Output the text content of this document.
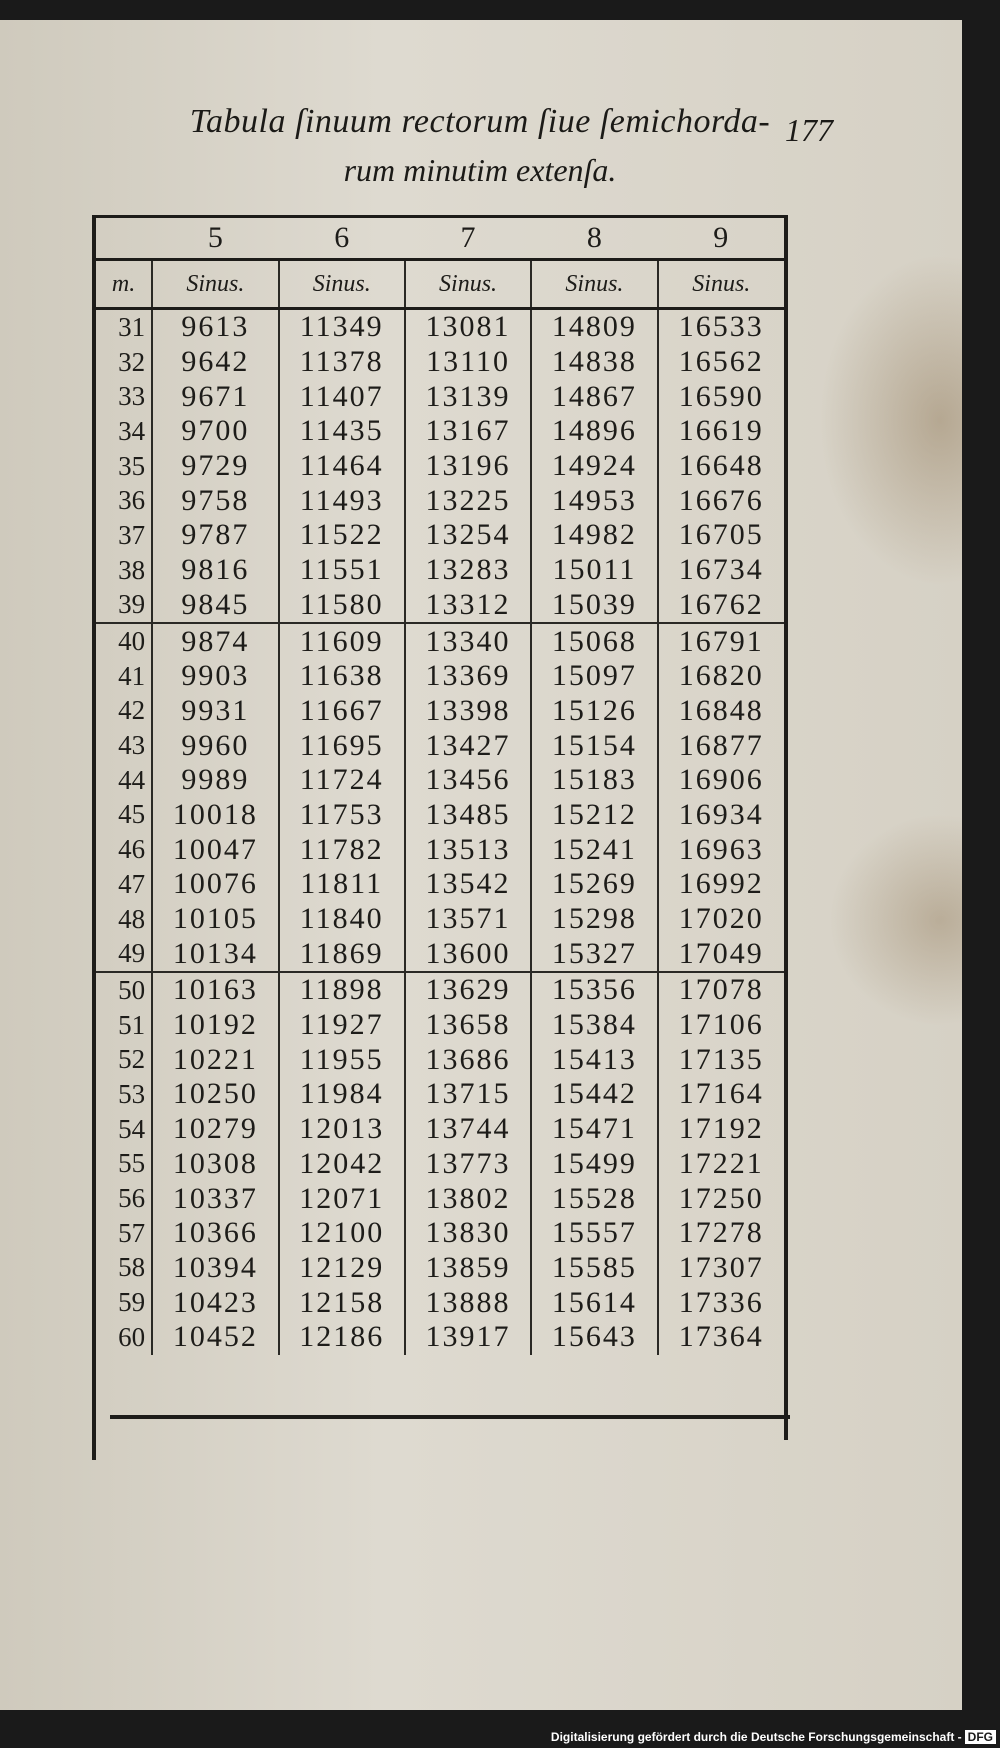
Tabula ſinuum rectorum ſiue ſemichorda-
rum minutim extenſa.
177
	5	6	7	8	9
m.	Sinus.	Sinus.	Sinus.	Sinus.	Sinus.
31	9613	11349	13081	14809	16533
32	9642	11378	13110	14838	16562
33	9671	11407	13139	14867	16590
34	9700	11435	13167	14896	16619
35	9729	11464	13196	14924	16648
36	9758	11493	13225	14953	16676
37	9787	11522	13254	14982	16705
38	9816	11551	13283	15011	16734
39	9845	11580	13312	15039	16762
40	9874	11609	13340	15068	16791
41	9903	11638	13369	15097	16820
42	9931	11667	13398	15126	16848
43	9960	11695	13427	15154	16877
44	9989	11724	13456	15183	16906
45	10018	11753	13485	15212	16934
46	10047	11782	13513	15241	16963
47	10076	11811	13542	15269	16992
48	10105	11840	13571	15298	17020
49	10134	11869	13600	15327	17049
50	10163	11898	13629	15356	17078
51	10192	11927	13658	15384	17106
52	10221	11955	13686	15413	17135
53	10250	11984	13715	15442	17164
54	10279	12013	13744	15471	17192
55	10308	12042	13773	15499	17221
56	10337	12071	13802	15528	17250
57	10366	12100	13830	15557	17278
58	10394	12129	13859	15585	17307
59	10423	12158	13888	15614	17336
60	10452	12186	13917	15643	17364
Digitalisierung gefördert durch die Deutsche Forschungsgemeinschaft - DFG
